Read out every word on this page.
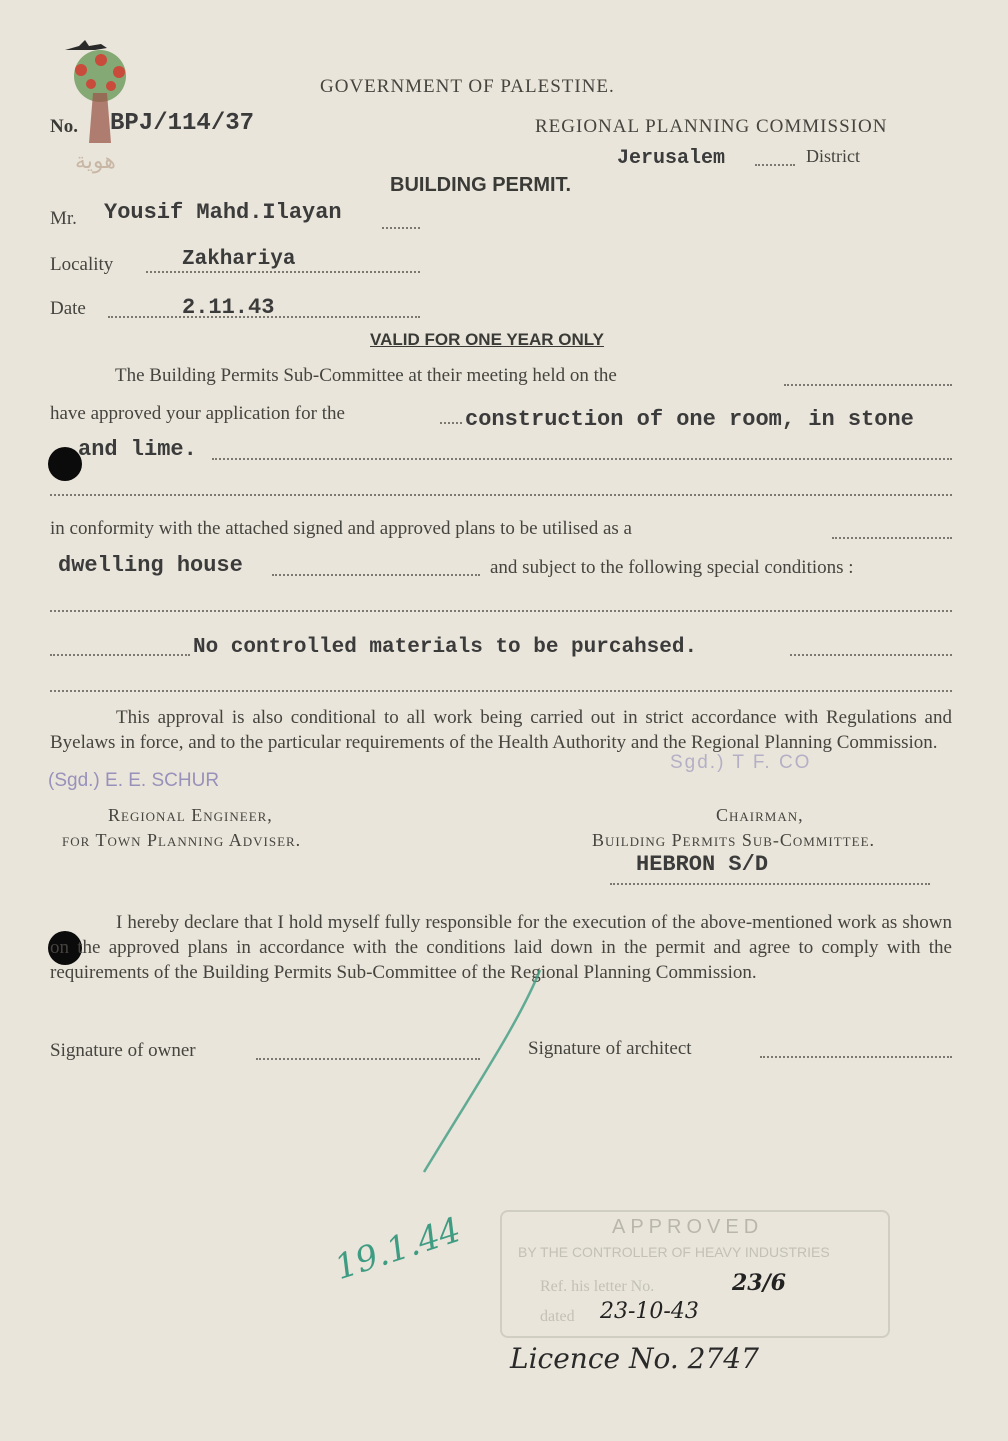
هوية
GOVERNMENT OF PALESTINE.
REGIONAL PLANNING COMMISSION
No. BPJ/114/37
Jerusalem	District
BUILDING PERMIT.
Mr. Yousif Mahd.Ilayan
Locality	Zakhariya
Date	2.11.43
VALID FOR ONE YEAR ONLY
The Building Permits Sub-Committee at their meeting held on the
have approved your application for the	construction of one room, in stone
and lime.
in conformity with the attached signed and approved plans to be utilised as a
dwelling house	and subject to the following special conditions :
No controlled materials to be purcahsed.
This approval is also conditional to all work being carried out in strict accordance with Regulations and Byelaws in force, and to the particular requirements of the Health Authority and the Regional Planning Commission.
(Sgd.) E. E. SCHUR
Sgd.) T F. CO
Regional Engineer,
for Town Planning Adviser.
Chairman,
Building Permits Sub-Committee.
HEBRON S/D
I hereby declare that I hold myself fully responsible for the execution of the above-mentioned work as shown on the approved plans in accordance with the conditions laid down in the permit and agree to comply with the requirements of the Building Permits Sub-Committee of the Regional Planning Commission.
Signature of owner	Signature of architect
APPROVED
BY THE CONTROLLER OF HEAVY INDUSTRIES
Ref. his letter No.	23/6
dated 23-10-43
19.1.44
Licence No. 2747
